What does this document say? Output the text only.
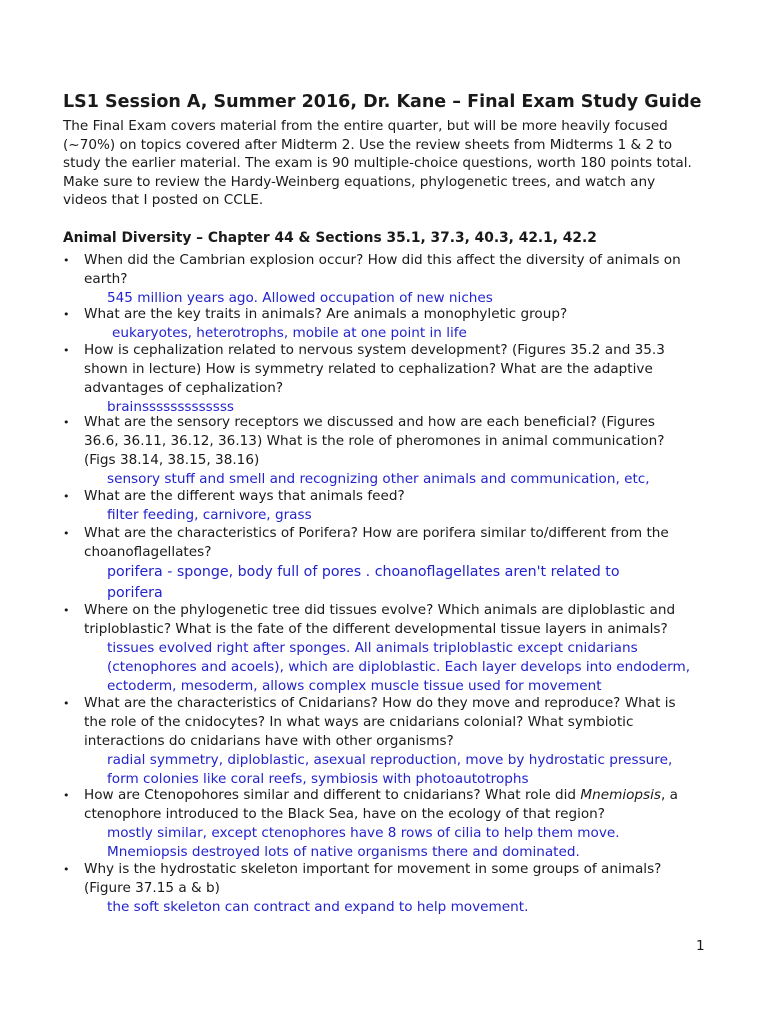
LS1 Session A, Summer 2016, Dr. Kane – Final Exam Study Guide
The Final Exam covers material from the entire quarter, but will be more heavily focused
(~70%) on topics covered after Midterm 2. Use the review sheets from Midterms 1 & 2 to
study the earlier material. The exam is 90 multiple-choice questions, worth 180 points total.
Make sure to review the Hardy-Weinberg equations, phylogenetic trees, and watch any
videos that I posted on CCLE.
Animal Diversity – Chapter 44 & Sections 35.1, 37.3, 40.3, 42.1, 42.2
• When did the Cambrian explosion occur? How did this affect the diversity of animals on
earth?
545 million years ago. Allowed occupation of new niches
• What are the key traits in animals? Are animals a monophyletic group?
eukaryotes, heterotrophs, mobile at one point in life
• How is cephalization related to nervous system development? (Figures 35.2 and 35.3
shown in lecture) How is symmetry related to cephalization? What are the adaptive
advantages of cephalization?
brainsssssssssssss
• What are the sensory receptors we discussed and how are each beneficial? (Figures
36.6, 36.11, 36.12, 36.13) What is the role of pheromones in animal communication?
(Figs 38.14, 38.15, 38.16)
sensory stuff and smell and recognizing other animals and communication, etc,
• What are the different ways that animals feed?
filter feeding, carnivore, grass
• What are the characteristics of Porifera? How are porifera similar to/different from the
choanoflagellates?
porifera - sponge, body full of pores . choanoflagellates aren't related to
porifera
• Where on the phylogenetic tree did tissues evolve? Which animals are diploblastic and
triploblastic? What is the fate of the different developmental tissue layers in animals?
tissues evolved right after sponges. All animals triploblastic except cnidarians
(ctenophores and acoels), which are diploblastic. Each layer develops into endoderm,
ectoderm, mesoderm, allows complex muscle tissue used for movement
• What are the characteristics of Cnidarians? How do they move and reproduce? What is
the role of the cnidocytes? In what ways are cnidarians colonial? What symbiotic
interactions do cnidarians have with other organisms?
radial symmetry, diploblastic, asexual reproduction, move by hydrostatic pressure,
form colonies like coral reefs, symbiosis with photoautotrophs
• How are Ctenopohores similar and different to cnidarians? What role did Mnemiopsis, a
ctenophore introduced to the Black Sea, have on the ecology of that region?
mostly similar, except ctenophores have 8 rows of cilia to help them move.
Mnemiopsis destroyed lots of native organisms there and dominated.
• Why is the hydrostatic skeleton important for movement in some groups of animals?
(Figure 37.15 a & b)
the soft skeleton can contract and expand to help movement.
1
